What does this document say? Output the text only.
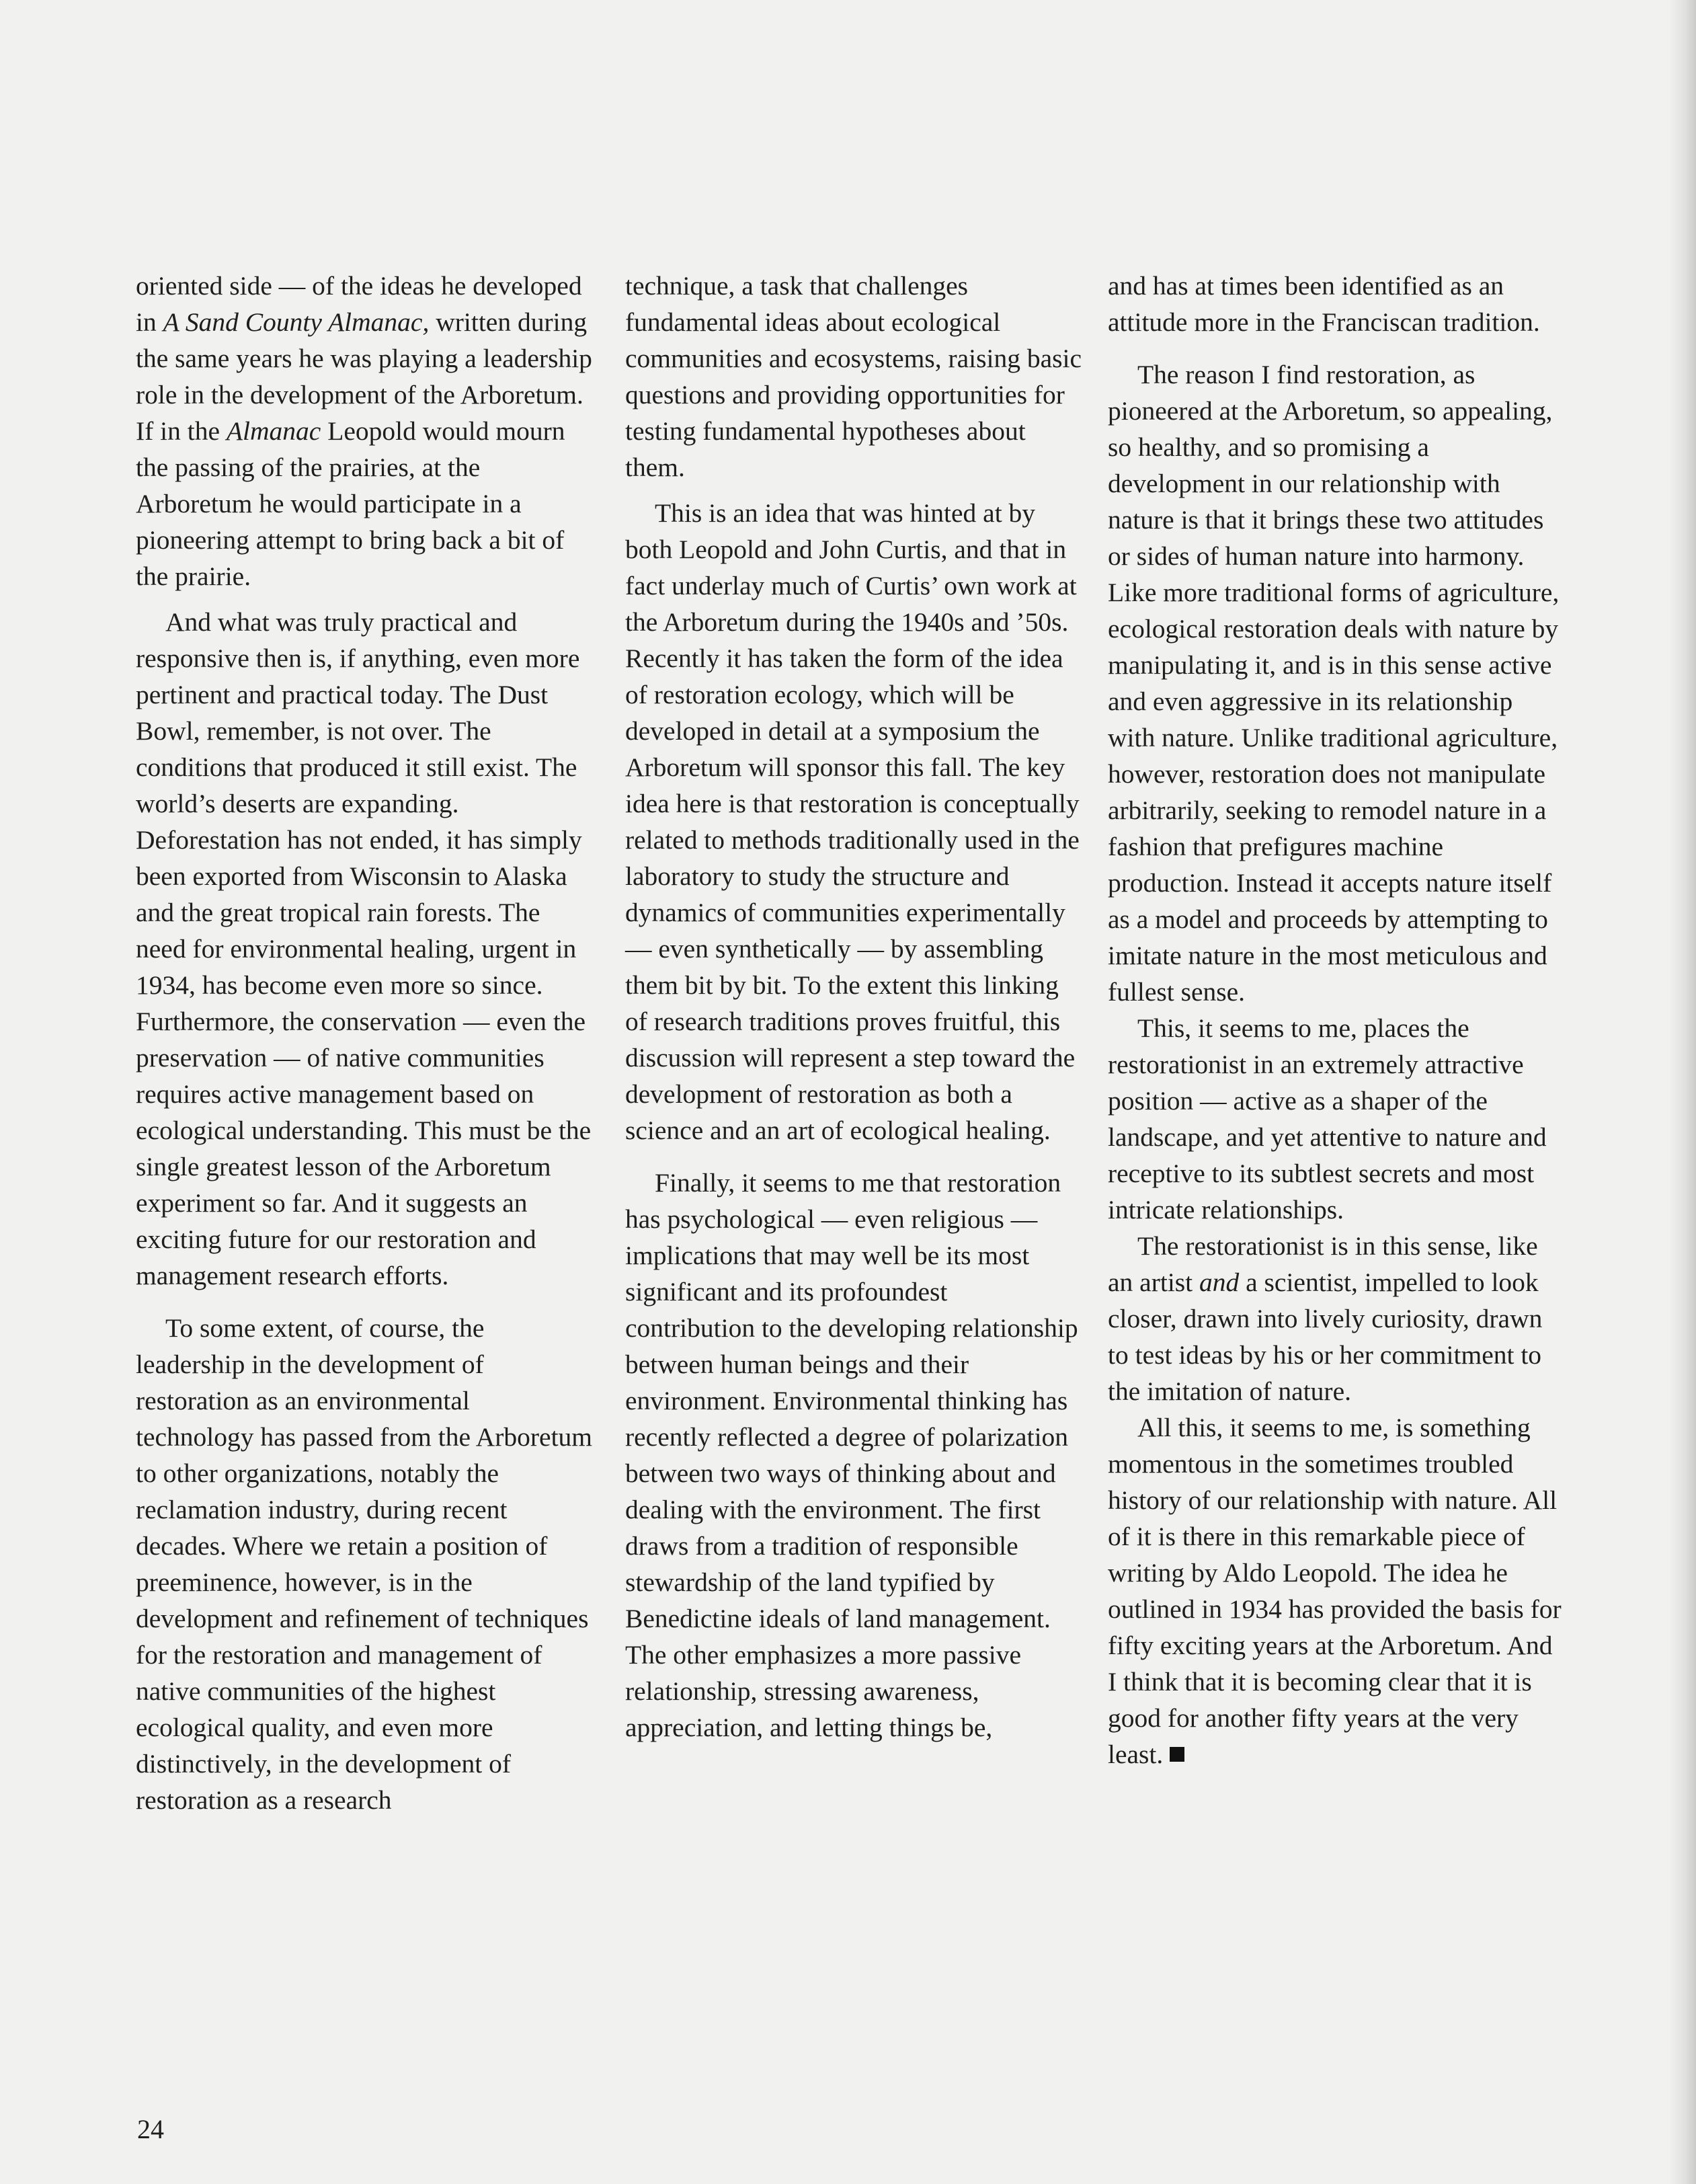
oriented side — of the ideas he developed in A Sand County Almanac, written during the same years he was playing a leadership role in the development of the Arboretum. If in the Almanac Leopold would mourn the passing of the prairies, at the Arboretum he would participate in a pioneering attempt to bring back a bit of the prairie.

And what was truly practical and responsive then is, if anything, even more pertinent and practical today. The Dust Bowl, remember, is not over. The conditions that produced it still exist. The world’s deserts are expanding. Deforestation has not ended, it has simply been exported from Wisconsin to Alaska and the great tropical rain forests. The need for environmental healing, urgent in 1934, has become even more so since. Furthermore, the conservation — even the preservation — of native communities requires active management based on ecological understanding. This must be the single greatest lesson of the Arboretum experiment so far. And it suggests an exciting future for our restoration and management research efforts.

To some extent, of course, the leadership in the development of restoration as an environmental technology has passed from the Arboretum to other organizations, notably the reclamation industry, during recent decades. Where we retain a position of preeminence, however, is in the development and refinement of techniques for the restoration and management of native communities of the highest ecological quality, and even more distinctively, in the development of restoration as a research

technique, a task that challenges fundamental ideas about ecological communities and ecosystems, raising basic questions and providing opportunities for testing fundamental hypotheses about them.

This is an idea that was hinted at by both Leopold and John Curtis, and that in fact underlay much of Curtis’ own work at the Arboretum during the 1940s and ’50s. Recently it has taken the form of the idea of restoration ecology, which will be developed in detail at a symposium the Arboretum will sponsor this fall. The key idea here is that restoration is conceptually related to methods traditionally used in the laboratory to study the structure and dynamics of communities experimentally — even synthetically — by assembling them bit by bit. To the extent this linking of research traditions proves fruitful, this discussion will represent a step toward the development of restoration as both a science and an art of ecological healing.

Finally, it seems to me that restoration has psychological — even religious — implications that may well be its most significant and its profoundest contribution to the developing relationship between human beings and their environment. Environmental thinking has recently reflected a degree of polarization between two ways of thinking about and dealing with the environment. The first draws from a tradition of responsible stewardship of the land typified by Benedictine ideals of land management. The other emphasizes a more passive relationship, stressing awareness, appreciation, and letting things be,

and has at times been identified as an attitude more in the Franciscan tradition.

The reason I find restoration, as pioneered at the Arboretum, so appealing, so healthy, and so promising a development in our relationship with nature is that it brings these two attitudes or sides of human nature into harmony. Like more traditional forms of agriculture, ecological restoration deals with nature by manipulating it, and is in this sense active and even aggressive in its relationship with nature. Unlike traditional agriculture, however, restoration does not manipulate arbitrarily, seeking to remodel nature in a fashion that prefigures machine production. Instead it accepts nature itself as a model and proceeds by attempting to imitate nature in the most meticulous and fullest sense.

This, it seems to me, places the restorationist in an extremely attractive position — active as a shaper of the landscape, and yet attentive to nature and receptive to its subtlest secrets and most intricate relationships.

The restorationist is in this sense, like an artist and a scientist, impelled to look closer, drawn into lively curiosity, drawn to test ideas by his or her commitment to the imitation of nature.

All this, it seems to me, is something momentous in the sometimes troubled history of our relationship with nature. All of it is there in this remarkable piece of writing by Aldo Leopold. The idea he outlined in 1934 has provided the basis for fifty exciting years at the Arboretum. And I think that it is becoming clear that it is good for another fifty years at the very least.

24
